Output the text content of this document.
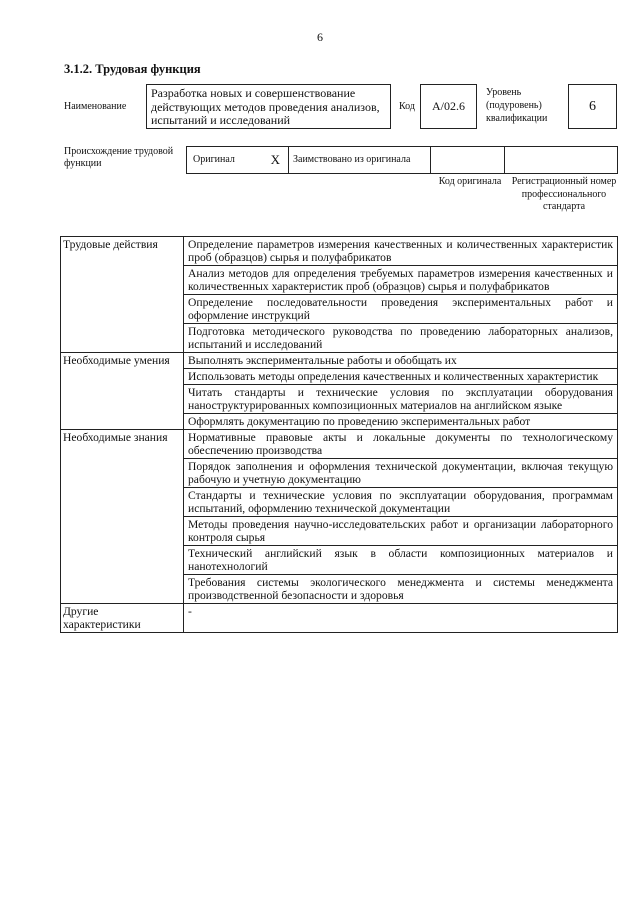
6
3.1.2. Трудовая функция
Наименование
Разработка новых и совершенствование действующих методов проведения анализов, испытаний и исследований
Код А/02.6
Уровень (подуровень) квалификации
6
Происхождение трудовой функции	Оригинал	X Заимствовано из оригинала
Код оригинала	Регистрационный номер профессионального стандарта
Трудовые действия	Определение параметров измерения качественных и количественных характеристик проб (образцов) сырья и полуфабрикатов
	Анализ методов для определения требуемых параметров измерения качественных и количественных характеристик проб (образцов) сырья и полуфабрикатов
	Определение последовательности проведения экспериментальных работ и оформление инструкций
	Подготовка методического руководства по проведению лабораторных анализов, испытаний и исследований
Необходимые умения	Выполнять экспериментальные работы и обобщать их
	Использовать методы определения качественных и количественных характеристик
	Читать стандарты и технические условия по эксплуатации оборудования наноструктурированных композиционных материалов на английском языке
	Оформлять документацию по проведению экспериментальных работ
Необходимые знания	Нормативные правовые акты и локальные документы по технологическому обеспечению производства
	Порядок заполнения и оформления технической документации, включая текущую рабочую и учетную документацию
	Стандарты и технические условия по эксплуатации оборудования, программам испытаний, оформлению технической документации
	Методы проведения научно-исследовательских работ и организации лабораторного контроля сырья
	Технический английский язык в области композиционных материалов и нанотехнологий
	Требования системы экологического менеджмента и системы менеджмента производственной безопасности и здоровья
Другие характеристики	-
